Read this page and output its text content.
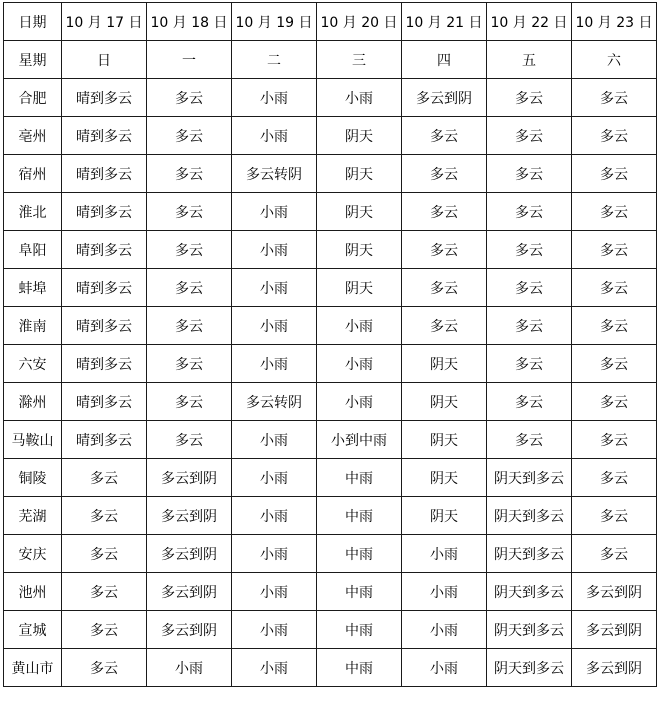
日期	10 月 17 日	10 月 18 日	10 月 19 日	10 月 20 日	10 月 21 日	10 月 22 日	10 月 23 日
星期	日	一	二	三	四	五	六
合肥	晴到多云	多云	小雨	小雨	多云到阴	多云	多云
亳州	晴到多云	多云	小雨	阴天	多云	多云	多云
宿州	晴到多云	多云	多云转阴	阴天	多云	多云	多云
淮北	晴到多云	多云	小雨	阴天	多云	多云	多云
阜阳	晴到多云	多云	小雨	阴天	多云	多云	多云
蚌埠	晴到多云	多云	小雨	阴天	多云	多云	多云
淮南	晴到多云	多云	小雨	小雨	多云	多云	多云
六安	晴到多云	多云	小雨	小雨	阴天	多云	多云
滁州	晴到多云	多云	多云转阴	小雨	阴天	多云	多云
马鞍山	晴到多云	多云	小雨	小到中雨	阴天	多云	多云
铜陵	多云	多云到阴	小雨	中雨	阴天	阴天到多云	多云
芜湖	多云	多云到阴	小雨	中雨	阴天	阴天到多云	多云
安庆	多云	多云到阴	小雨	中雨	小雨	阴天到多云	多云
池州	多云	多云到阴	小雨	中雨	小雨	阴天到多云	多云到阴
宣城	多云	多云到阴	小雨	中雨	小雨	阴天到多云	多云到阴
黄山市	多云	小雨	小雨	中雨	小雨	阴天到多云	多云到阴
